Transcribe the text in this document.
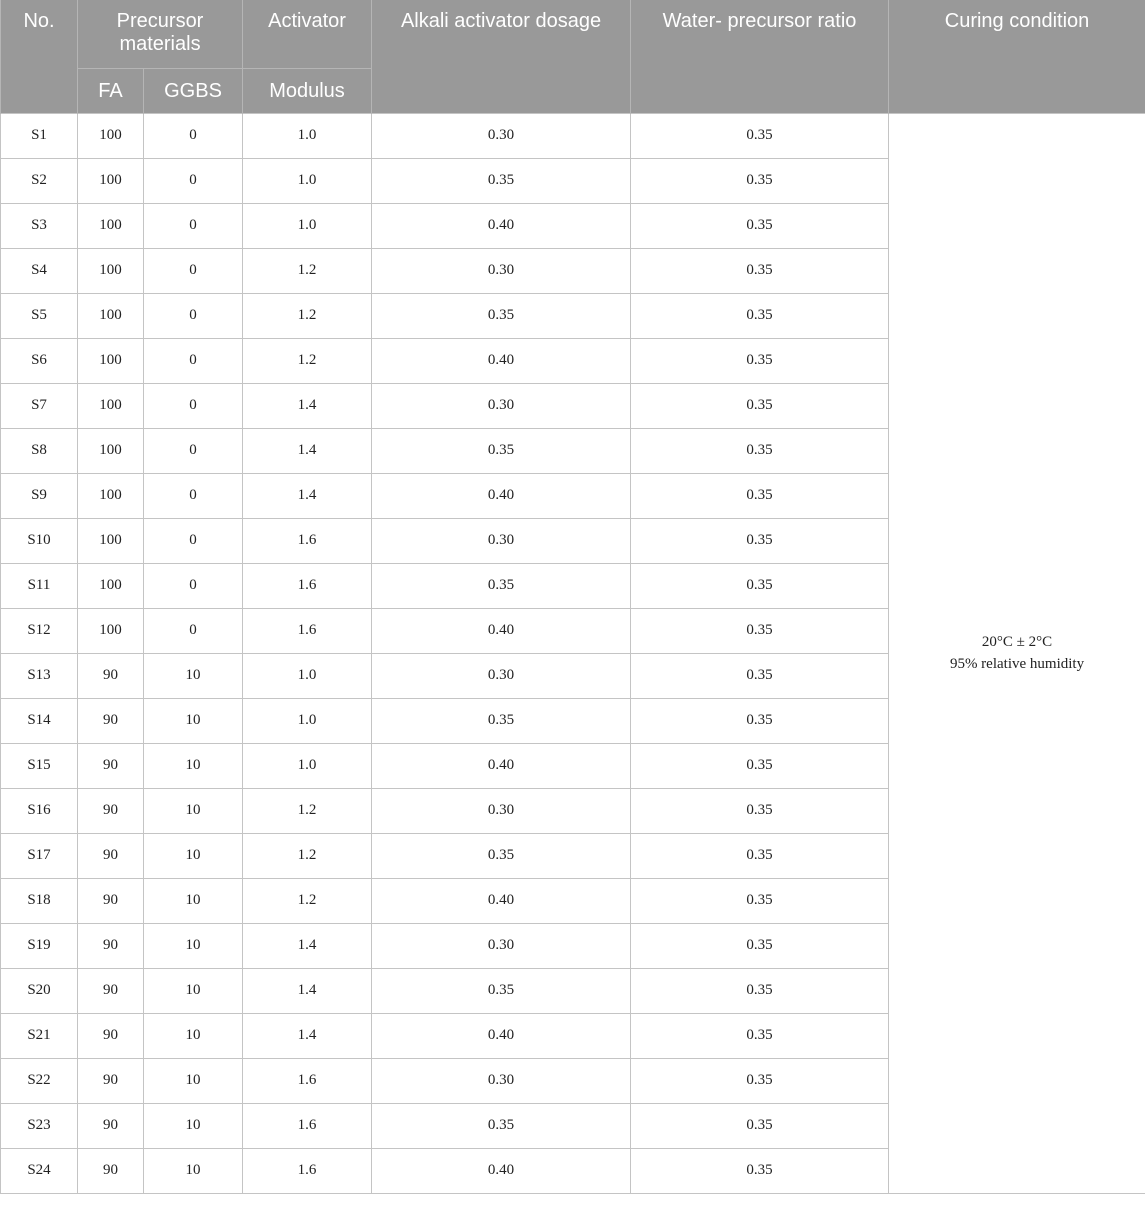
No.	Precursor materials		Activator	Alkali activator dosage	Water- precursor ratio	Curing condition
	FA	GGBS	Modulus			
S1	100	0	1.0	0.30	0.35	20°C ± 2°C
95% relative humidity

S2	100	0	1.0	0.35	0.35	
S3	100	0	1.0	0.40	0.35	
S4	100	0	1.2	0.30	0.35	
S5	100	0	1.2	0.35	0.35	
S6	100	0	1.2	0.40	0.35	
S7	100	0	1.4	0.30	0.35	
S8	100	0	1.4	0.35	0.35	
S9	100	0	1.4	0.40	0.35	
S10	100	0	1.6	0.30	0.35	
S11	100	0	1.6	0.35	0.35	
S12	100	0	1.6	0.40	0.35	
S13	90	10	1.0	0.30	0.35	
S14	90	10	1.0	0.35	0.35	
S15	90	10	1.0	0.40	0.35	
S16	90	10	1.2	0.30	0.35	
S17	90	10	1.2	0.35	0.35	
S18	90	10	1.2	0.40	0.35	
S19	90	10	1.4	0.30	0.35	
S20	90	10	1.4	0.35	0.35	
S21	90	10	1.4	0.40	0.35	
S22	90	10	1.6	0.30	0.35	
S23	90	10	1.6	0.35	0.35	
S24	90	10	1.6	0.40	0.35	
